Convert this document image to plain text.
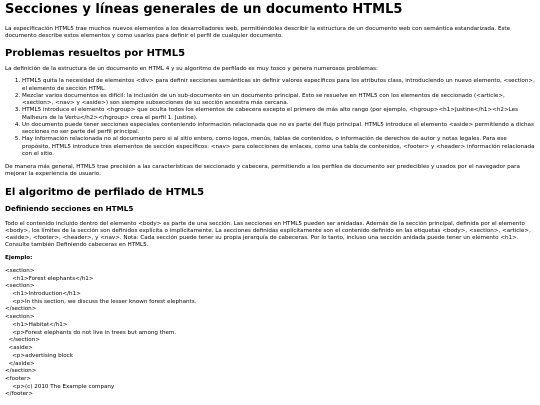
Secciones y líneas generales de un documento HTML5

La especificación HTML5 trae muchos nuevos elementos a los desarrolladores web, permitiéndoles describir la estructura de un documento web con semántica estandarizada. Este documento describe estos elementos y como usarlos para definir el perfil de cualquier documento.

Problemas resueltos por HTML5

La definición de la estructura de un documento en HTML 4 y su algoritmo de perfilado es muy tosco y genera numerosos problemas:

1. HTML5 quita la necesidad de elementos <div> para definir secciones semánticas sin definir valores específicos para los atributos class, introduciendo un nuevo elemento, <section>, el elemento de sección HTML.
2. Mezclar varios documentos es difícil: la inclusión de un sub-documento en un documento principal. Esto se resuelve en HTML5 con los elementos de seccionado (<article>, <section>, <nav> y <aside>) son siempre subsecciones de su sección ancestra más cercana.
3. HTML5 introduce el elemento <hgroup> que oculta todos los elementos de cabecera excepto el primero de más alto rango (por ejemplo, <hgroup><h1>Justine</h1><h2>Les Malheurs de la Vertu</h2></hgroup> crea el perfil 1. Justine).
4. Un documento puede tener secciones especiales conteniendo información relacionada que no es parte del flujo principal. HTML5 introduce el elemento <aside> permitiendo a dichas secciones no ser parte del perfil principal.
5. Hay información relacionada no al documento pero si al sitio entero, como logos, menús, tablas de contenidos, o información de derechos de autor y notas legales. Para ese propósito, HTML5 introduce tres elementos de sección específicos: <nav> para colecciones de enlaces, como una tabla de contenidos, <footer> y <header> información relacionada con el sitio.

De manera más general, HTML5 trae precisión a las características de seccionado y cabecera, permitiendo a los perfiles de documento ser predecibles y usados por el navegador para mejorar la experiencia de usuario.

El algoritmo de perfilado de HTML5
Definiendo secciones en HTML5

Todo el contenido incluido dentro del elemento <body> es parte de una sección. Las secciones en HTML5 pueden ser anidadas. Además de la sección principal, definida por el elemento <body>, los límites de la sección son definidos explícita o implícitamente. La secciones definidas explícitamente son el contenido definido en las etiquetas <body>, <section>, <article>, <aside>, <footer>, <header>, y <nav>. Nota: Cada sección puede tener su propia jerarquía de cabeceras. Por lo tanto, incluso una sección anidada puede tener un elemento <h1>. Consulte también Definiendo cabeceras en HTML5.

Ejemplo:

<section>
<h1>Forest elephants</h1>
<section>
<h1>Introduction</h1>
<p>In this section, we discuss the lesser known forest elephants.
</section>
<section>
<h1>Habitat</h1>
<p>Forest elephants do not live in trees but among them.
</section>
<aside>
<p>advertising block
</aside>
</section>
<footer>
<p>(c) 2010 The Example company
</footer>
